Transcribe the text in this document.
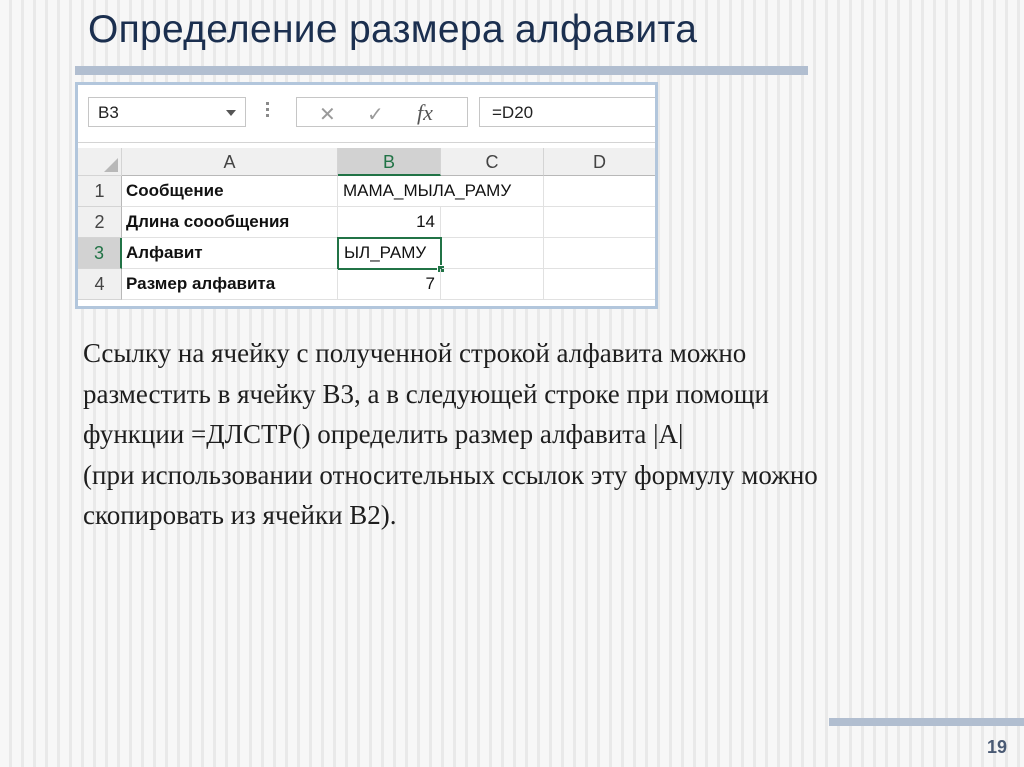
Определение размера алфавита
B3	✕ ✓ fx	=D20
A	B	C	D
1	Сообщение	МАМА_МЫЛА_РАМУ
2	Длина соообщения	14
3	Алфавит	ЫЛ_РАМУ
4	Размер алфавита	7
Ссылку на ячейку с полученной строкой алфавита можно
разместить в ячейку В3, а в следующей строке при помощи
функции =ДЛСТР() определить размер алфавита |А|
(при использовании относительных ссылок эту формулу можно
скопировать из ячейки В2).
19
